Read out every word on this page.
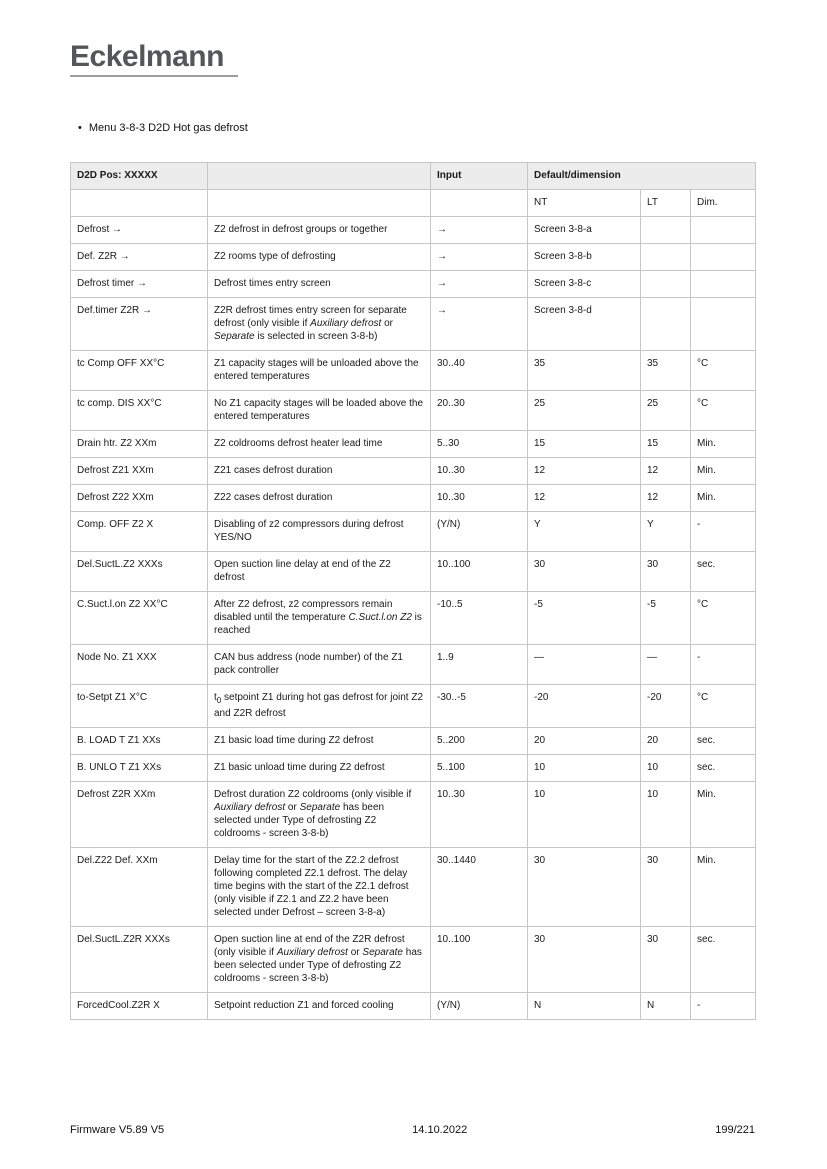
Eckelmann
• Menu 3-8-3 D2D Hot gas defrost
D2D Pos: XXXXX		Input	Default/dimension		
			NT	LT	Dim.
Defrost →	Z2 defrost in defrost groups or together	→	Screen 3-8-a		
Def. Z2R →	Z2 rooms type of defrosting	→	Screen 3-8-b		
Defrost timer →	Defrost times entry screen	→	Screen 3-8-c		
Def.timer Z2R →	Z2R defrost times entry screen for separate defrost (only visible if Auxiliary defrost or Separate is selected in screen 3-8-b)	→	Screen 3-8-d		
tc Comp OFF XX°C	Z1 capacity stages will be unloaded above the entered temperatures	30..40	35	35	°C
tc comp. DIS XX°C	No Z1 capacity stages will be loaded above the entered temperatures	20..30	25	25	°C
Drain htr. Z2 XXm	Z2 coldrooms defrost heater lead time	5..30	15	15	Min.
Defrost Z21 XXm	Z21 cases defrost duration	10..30	12	12	Min.
Defrost Z22 XXm	Z22 cases defrost duration	10..30	12	12	Min.
Comp. OFF Z2 X	Disabling of z2 compressors during defrost YES/NO	(Y/N)	Y	Y	-
Del.SuctL.Z2 XXXs	Open suction line delay at end of the Z2 defrost	10..100	30	30	sec.
C.Suct.l.on Z2 XX°C	After Z2 defrost, z2 compressors remain disabled until the temperature C.Suct.l.on Z2 is reached	-10..5	-5	-5	°C
Node No. Z1 XXX	CAN bus address (node number) of the Z1 pack controller	1..9	—	—	-
to-Setpt Z1 X°C	$t_0$ setpoint Z1 during hot gas defrost for joint Z2 and Z2R defrost	-30..-5	-20	-20	°C
B. LOAD T Z1 XXs	Z1 basic load time during Z2 defrost	5..200	20	20	sec.
B. UNLO T Z1 XXs	Z1 basic unload time during Z2 defrost	5..100	10	10	sec.
Defrost Z2R XXm	Defrost duration Z2 coldrooms (only visible if Auxiliary defrost or Separate has been selected under Type of defrosting Z2 coldrooms - screen 3-8-b)	10..30	10	10	Min.
Del.Z22 Def. XXm	Delay time for the start of the Z2.2 defrost following completed Z2.1 defrost. The delay time begins with the start of the Z2.1 defrost (only visible if Z2.1 and Z2.2 have been selected under Defrost – screen 3-8-a)	30..1440	30	30	Min.
Del.SuctL.Z2R XXXs	Open suction line at end of the Z2R defrost (only visible if Auxiliary defrost or Separate has been selected under Type of defrosting Z2 coldrooms - screen 3-8-b)	10..100	30	30	sec.
ForcedCool.Z2R X	Setpoint reduction Z1 and forced cooling	(Y/N)	N	N	-
Firmware V5.89 V5	14.10.2022	199/221
